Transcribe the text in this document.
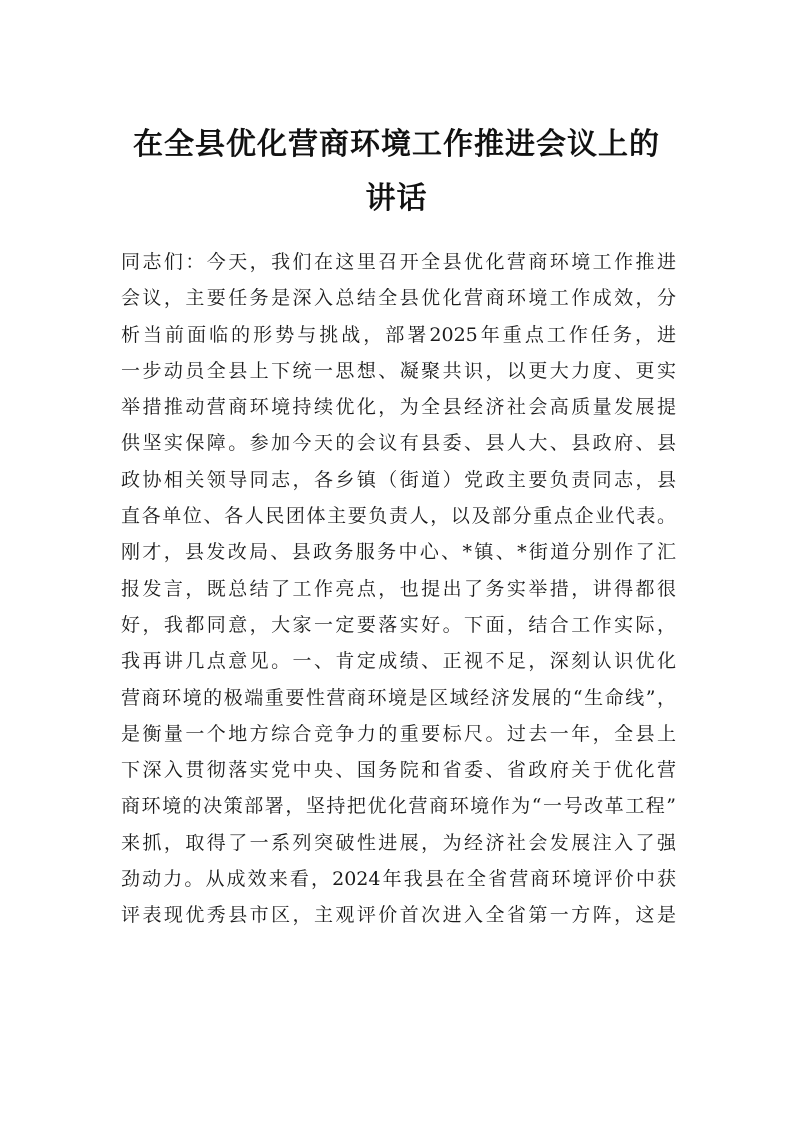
在全县优化营商环境工作推进会议上的讲话
同志们：今天，我们在这里召开全县优化营商环境工作推进
会议，主要任务是深入总结全县优化营商环境工作成效，分
析当前面临的形势与挑战，部署2025年重点工作任务，进
一步动员全县上下统一思想、凝聚共识，以更大力度、更实
举措推动营商环境持续优化，为全县经济社会高质量发展提
供坚实保障。参加今天的会议有县委、县人大、县政府、县
政协相关领导同志，各乡镇（街道）党政主要负责同志，县
直各单位、各人民团体主要负责人，以及部分重点企业代表。
刚才，县发改局、县政务服务中心、*镇、*街道分别作了汇
报发言，既总结了工作亮点，也提出了务实举措，讲得都很
好，我都同意，大家一定要落实好。下面，结合工作实际，
我再讲几点意见。一、肯定成绩、正视不足，深刻认识优化
营商环境的极端重要性营商环境是区域经济发展的“生命线”，
是衡量一个地方综合竞争力的重要标尺。过去一年，全县上
下深入贯彻落实党中央、国务院和省委、省政府关于优化营
商环境的决策部署，坚持把优化营商环境作为“一号改革工程”
来抓，取得了一系列突破性进展，为经济社会发展注入了强
劲动力。从成效来看，2024年我县在全省营商环境评价中获
评表现优秀县市区，主观评价首次进入全省第一方阵，这是
